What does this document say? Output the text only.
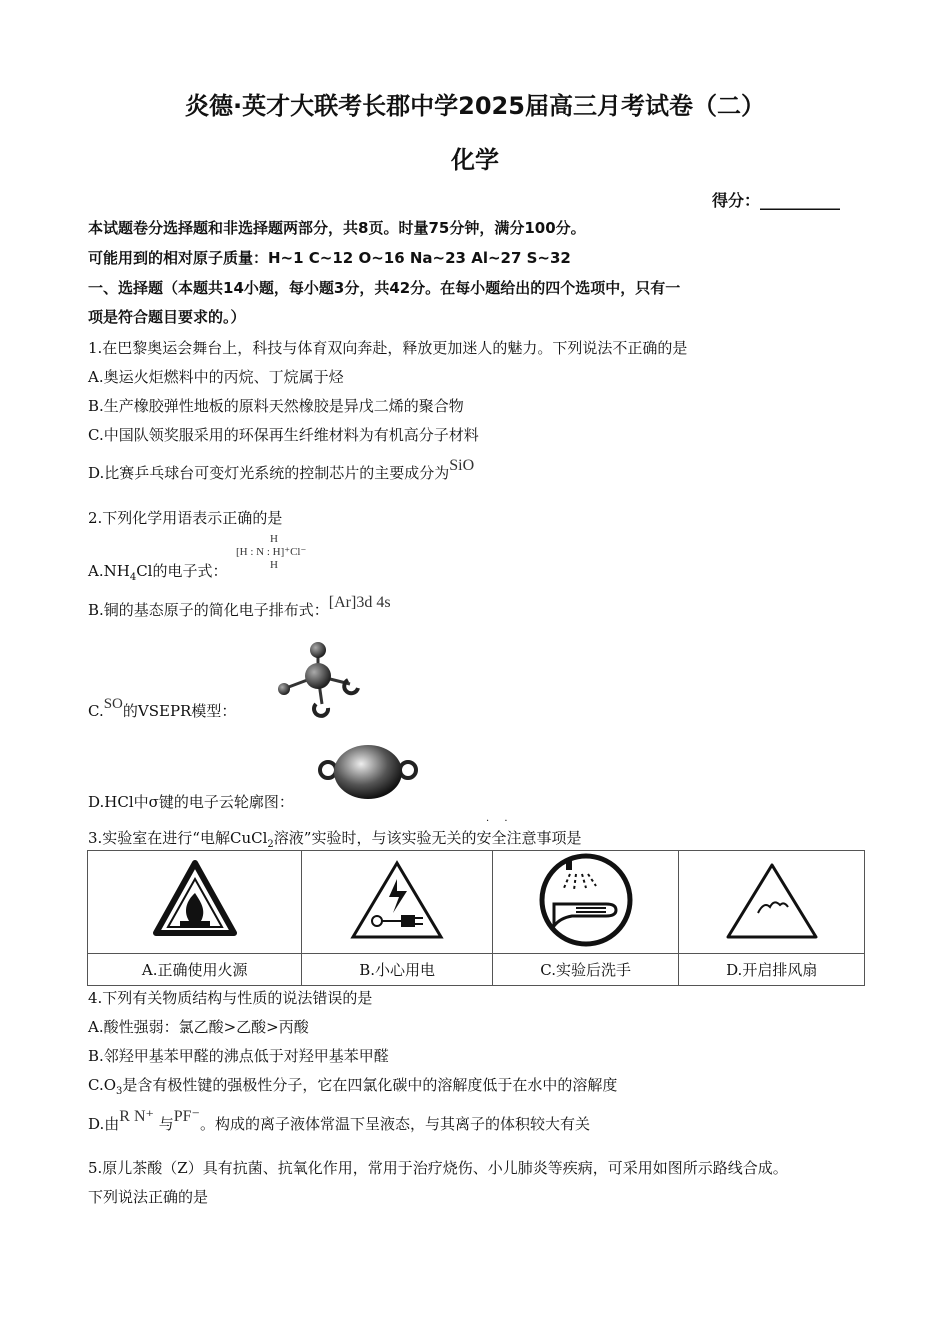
炎德·英才大联考长郡中学2025届高三月考试卷（二）
化学
得分：__________
本试题卷分选择题和非选择题两部分，共8页。时量75分钟，满分100分。
可能用到的相对原子质量：H~1 C~12 O~16 Na~23 Al~27 S~32
一、选择题（本题共14小题，每小题3分，共42分。在每小题给出的四个选项中，只有一
项是符合题目要求的。）
1.在巴黎奥运会舞台上，科技与体育双向奔赴，释放更加迷人的魅力。下列说法不正确的是
A.奥运火炬燃料中的丙烷、丁烷属于烃
B.生产橡胶弹性地板的原料天然橡胶是异戊二烯的聚合物
C.中国队领奖服采用的环保再生纤维材料为有机高分子材料
D.比赛乒乓球台可变灯光系统的控制芯片的主要成分为SiO
2.下列化学用语表示正确的是
$A.NH_4Cl$的电子式：
H
[H : N : H]⁺Cl⁻
H
B.铜的基态原子的简化电子排布式：[Ar]3d 4s
C.SO的VSEPR模型：
D.HCl中σ键的电子云轮廓图：
3.实验室在进行“电解CuCl$_2$溶液”实验时，与该实验无关的安全注意事项是
· ·

A.正确使用火源	B.小心用电	C.实验后洗手	D.开启排风扇
4.下列有关物质结构与性质的说法错误的是
A.酸性强弱：氯乙酸>乙酸>丙酸
B.邻羟甲基苯甲醛的沸点低于对羟甲基苯甲醛
$C.O_3$是含有极性键的强极性分子，它在四氯化碳中的溶解度低于在水中的溶解度
D.由R N⁺ 与PF⁻。构成的离子液体常温下呈液态，与其离子的体积较大有关
5.原儿茶酸（Z）具有抗菌、抗氧化作用，常用于治疗烧伤、小儿肺炎等疾病，可采用如图所示路线合成。
下列说法正确的是
